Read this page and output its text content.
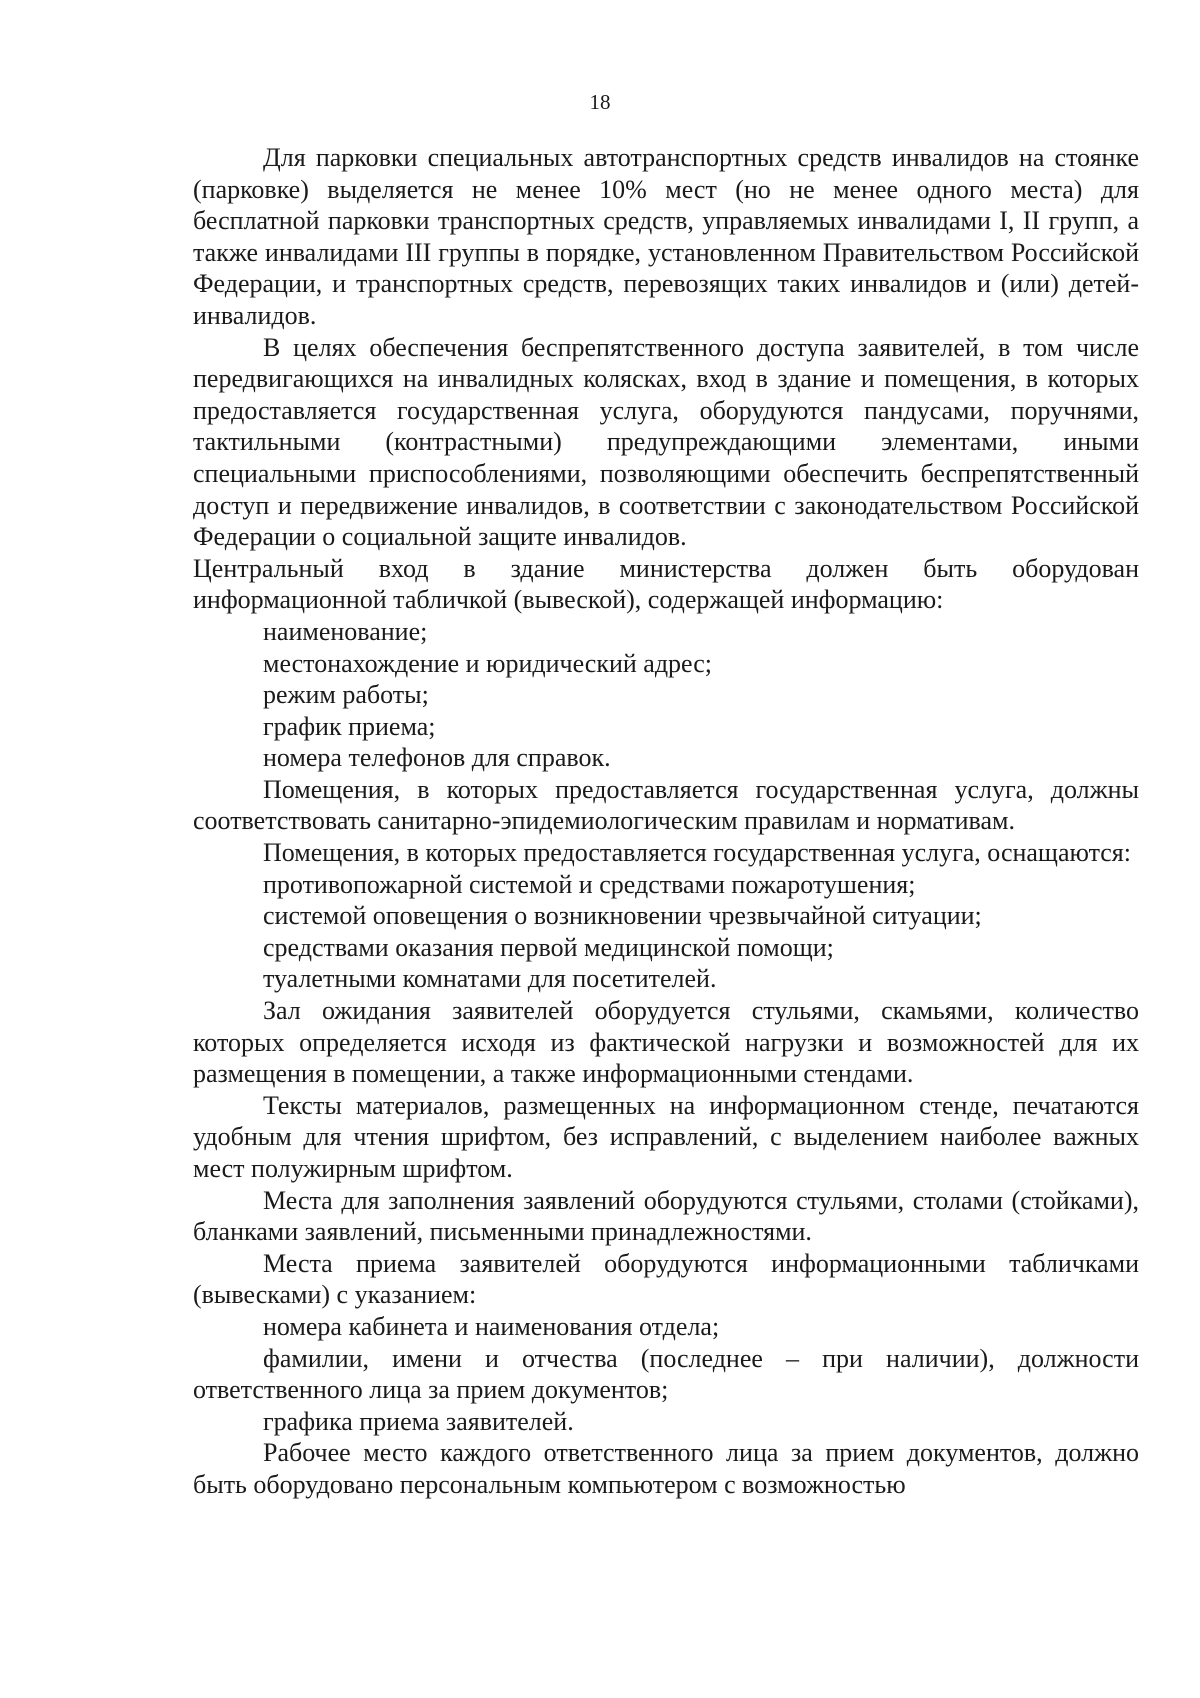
18

Для парковки специальных автотранспортных средств инвалидов на стоянке (парковке) выделяется не менее 10% мест (но не менее одного места) для бесплатной парковки транспортных средств, управляемых инвалидами I, II групп, а также инвалидами III группы в порядке, установленном Правительством Российской Федерации, и транспортных средств, перевозящих таких инвалидов и (или) детей-инвалидов.

В целях обеспечения беспрепятственного доступа заявителей, в том числе передвигающихся на инвалидных колясках, вход в здание и помещения, в которых предоставляется государственная услуга, оборудуются пандусами, поручнями, тактильными (контрастными) предупреждающими элементами, иными специальными приспособлениями, позволяющими обеспечить беспрепятственный доступ и передвижение инвалидов, в соответствии с законодательством Российской Федерации о социальной защите инвалидов.

Центральный вход в здание министерства должен быть оборудован информационной табличкой (вывеской), содержащей информацию:

наименование;

местонахождение и юридический адрес;

режим работы;

график приема;

номера телефонов для справок.

Помещения, в которых предоставляется государственная услуга, должны соответствовать санитарно-эпидемиологическим правилам и нормативам.

Помещения, в которых предоставляется государственная услуга, оснащаются:

противопожарной системой и средствами пожаротушения;

системой оповещения о возникновении чрезвычайной ситуации;

средствами оказания первой медицинской помощи;

туалетными комнатами для посетителей.

Зал ожидания заявителей оборудуется стульями, скамьями, количество которых определяется исходя из фактической нагрузки и возможностей для их размещения в помещении, а также информационными стендами.

Тексты материалов, размещенных на информационном стенде, печатаются удобным для чтения шрифтом, без исправлений, с выделением наиболее важных мест полужирным шрифтом.

Места для заполнения заявлений оборудуются стульями, столами (стойками), бланками заявлений, письменными принадлежностями.

Места приема заявителей оборудуются информационными табличками (вывесками) с указанием:

номера кабинета и наименования отдела;

фамилии, имени и отчества (последнее – при наличии), должности ответственного лица за прием документов;

графика приема заявителей.

Рабочее место каждого ответственного лица за прием документов, должно быть оборудовано персональным компьютером с возможностью
